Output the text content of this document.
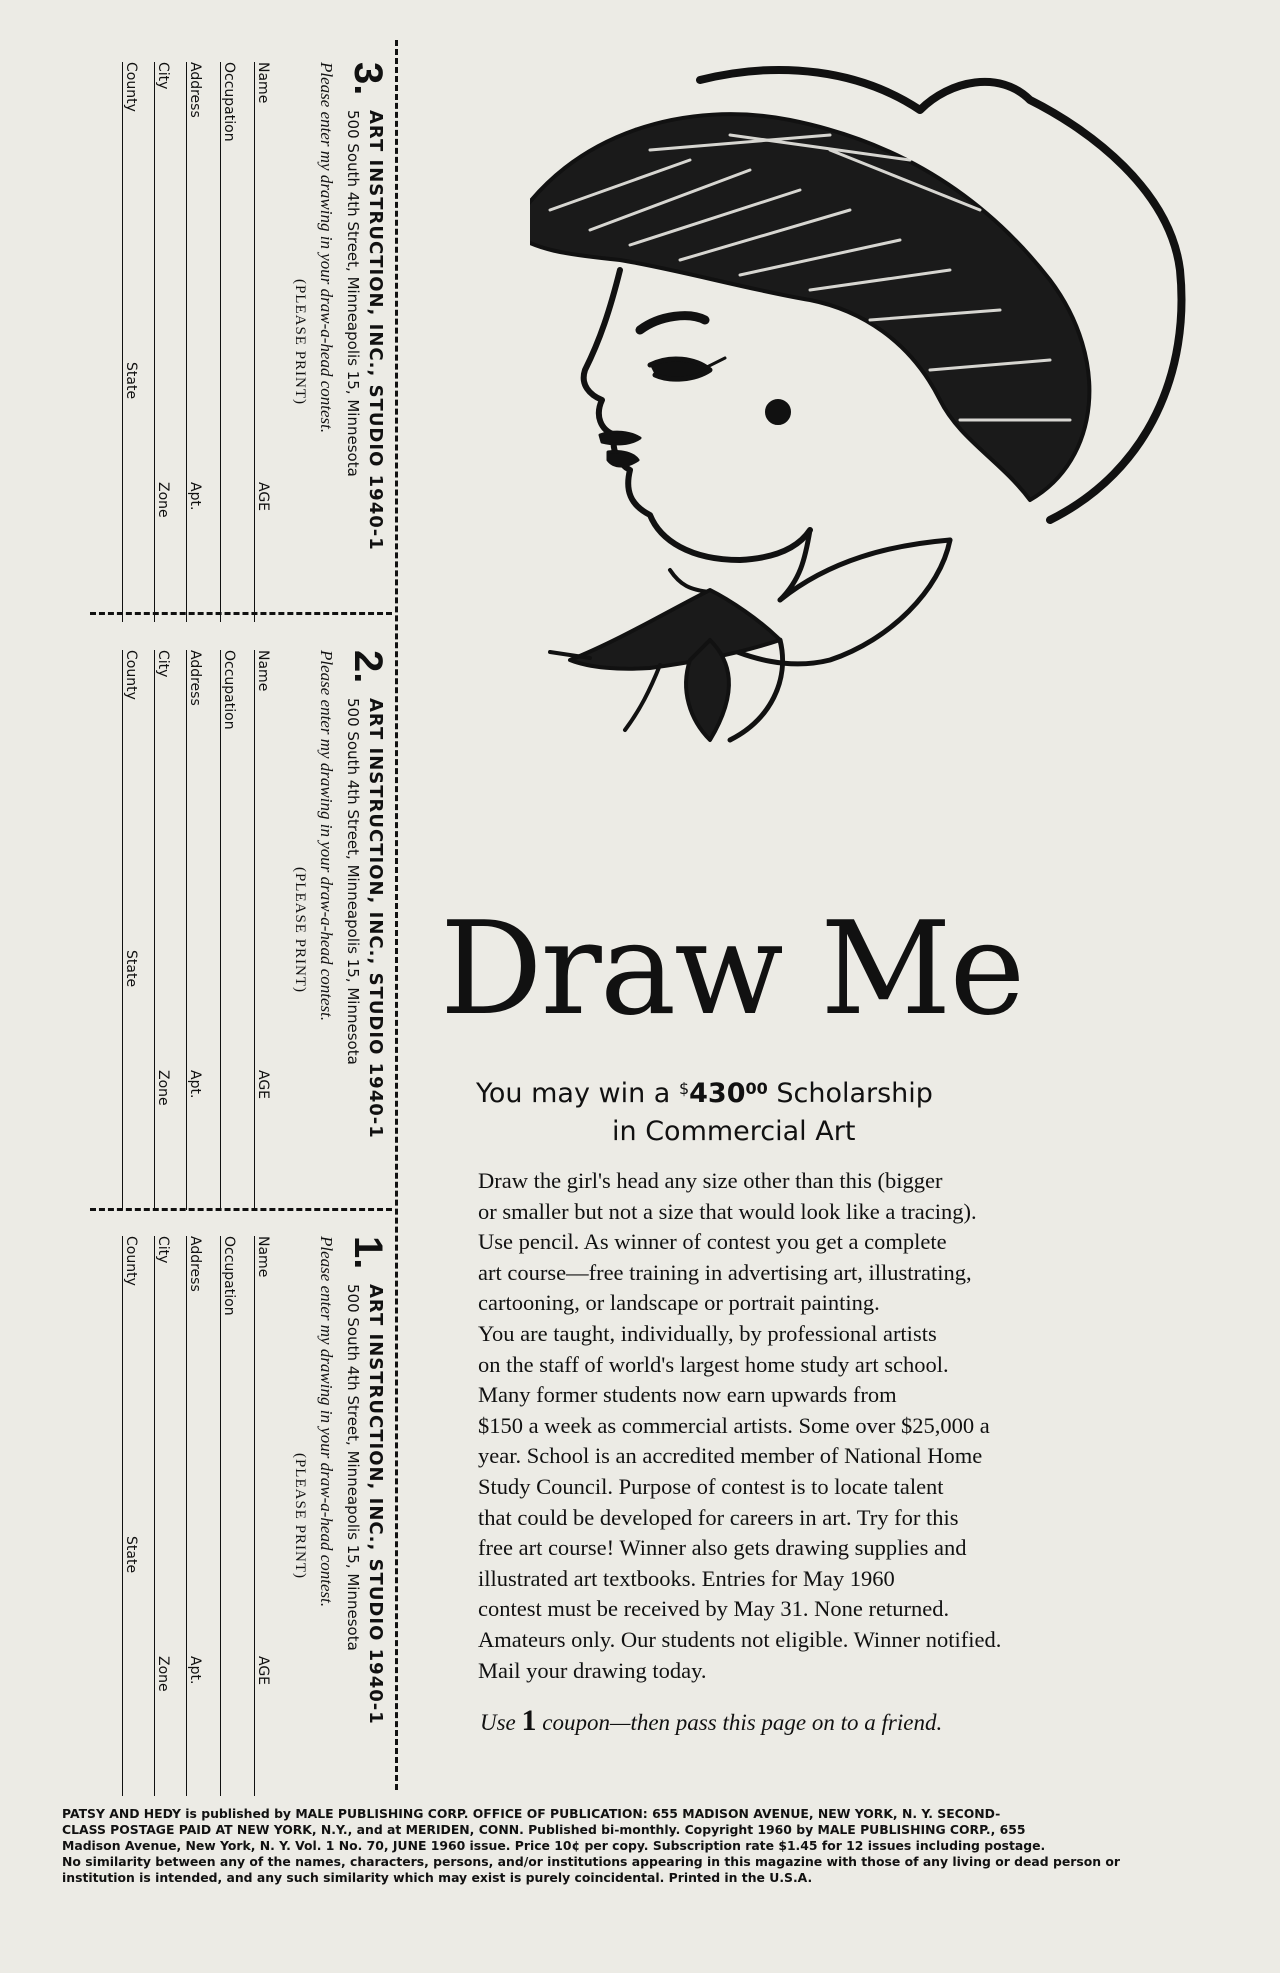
3.
ART INSTRUCTION, INC., STUDIO 1940-1
500 South 4th Street, Minneapolis 15, Minnesota
Please enter my drawing in your draw-a-head contest.
(PLEASE PRINT)
Name
AGE
Occupation
Address
Apt.
City
Zone
County
State
2.
ART INSTRUCTION, INC., STUDIO 1940-1
500 South 4th Street, Minneapolis 15, Minnesota
Please enter my drawing in your draw-a-head contest.
(PLEASE PRINT)
Name
AGE
Occupation
Address
Apt.
City
Zone
County
State
1.
ART INSTRUCTION, INC., STUDIO 1940-1
500 South 4th Street, Minneapolis 15, Minnesota
Please enter my drawing in your draw-a-head contest.
(PLEASE PRINT)
Name
AGE
Occupation
Address
Apt.
City
Zone
County
State
Draw Me
You may win a $^{\$}430^{00}$ Scholarship
in Commercial Art
Draw the girl's head any size other than this (bigger
or smaller but not a size that would look like a tracing).
Use pencil. As winner of contest you get a complete
art course—free training in advertising art, illustrating,
cartooning, or landscape or portrait painting.
You are taught, individually, by professional artists
on the staff of world's largest home study art school.
Many former students now earn upwards from
$150 a week as commercial artists. Some over $25,000 a
year. School is an accredited member of National Home
Study Council. Purpose of contest is to locate talent
that could be developed for careers in art. Try for this
free art course! Winner also gets drawing supplies and
illustrated art textbooks. Entries for May 1960
contest must be received by May 31. None returned.
Amateurs only. Our students not eligible. Winner notified.
Mail your drawing today.
Use 1 coupon—then pass this page on to a friend.
PATSY AND HEDY is published by MALE PUBLISHING CORP. OFFICE OF PUBLICATION: 655 MADISON AVENUE, NEW YORK, N. Y. SECOND-
CLASS POSTAGE PAID AT NEW YORK, N.Y., and at MERIDEN, CONN. Published bi-monthly. Copyright 1960 by MALE PUBLISHING CORP., 655
Madison Avenue, New York, N. Y. Vol. 1 No. 70, JUNE 1960 issue. Price 10¢ per copy. Subscription rate $1.45 for 12 issues including postage.
No similarity between any of the names, characters, persons, and/or institutions appearing in this magazine with those of any living or dead person or
institution is intended, and any such similarity which may exist is purely coincidental. Printed in the U.S.A.
